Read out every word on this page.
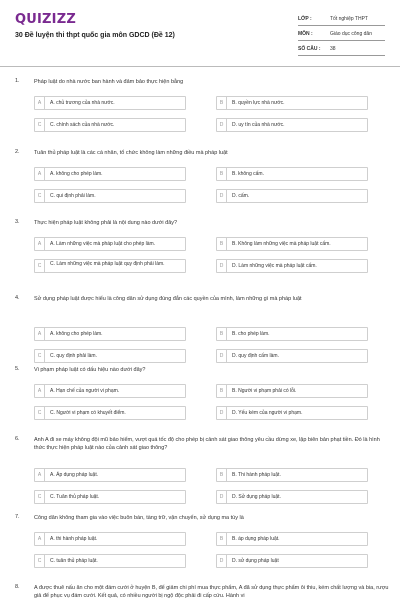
QUIZIZZ
30 Đề luyện thi thpt quốc gia môn GDCD (Đề 12)
LỚP :	Tốt nghiệp THPT
MÔN :	Giáo dục công dân
SỐ CÂU : 38
1.	Pháp luật do nhà nước ban hành và đảm bảo thực hiện bằng
A	A. chủ trương của nhà nước.	B	B. quyền lực nhà nước.
C	C. chính sách của nhà nước.	D	D. uy tín của nhà nước.
2.	Tuân thủ pháp luật là các cá nhân, tổ chức không làm những điều mà pháp luật
A	A. không cho phép làm.	B	B. không cấm.
C	C. qui định phải làm.	D	D. cấm.
3.	Thực hiện pháp luật không phải là nội dung nào dưới đây?
A	A. Làm những việc mà pháp luật cho phép làm.	B	B. Không làm những việc mà pháp luật cấm.
C	C. Làm những việc mà pháp luật quy định phải làm.	D	D. Làm những việc mà pháp luật cấm.
4.	Sử dụng pháp luật được hiểu là công dân sử dụng đúng đắn các quyền của mình, làm những gì mà pháp luật
A	A. không cho phép làm.	B	B. cho phép làm.
C	C. quy định phải làm.	D	D. quy định cấm làm.
5.	Vi phạm pháp luật có dấu hiệu nào dưới đây?
A	A. Hạn chế của người vi phạm.	B	B. Người vi phạm phải có lỗi.
C	C. Người vi phạm có khuyết điểm.	D	D. Yếu kém của người vi phạm.
6.	Anh A đi xe máy không đội mũ bảo hiểm, vượt quá tốc độ cho phép bị cảnh sát giao thông yêu cầu dừng xe, lập biên bản phạt tiền. Đó là hình thức thực hiện pháp luật nào của cảnh sát giao thông?
A	A. Áp dụng pháp luật.	B	B. Thi hành pháp luật.
C	C. Tuân thủ pháp luật.	D	D. Sử dụng pháp luật.
7.	Công dân không tham gia vào việc buôn bán, tàng trữ, vận chuyển, sử dụng ma túy là
A	A. thi hành pháp luật.	B	B. áp dụng pháp luật.
C	C. tuân thủ pháp luật.	D	D. sử dụng pháp luật
8.	A được thuê nấu ăn cho một đám cưới ở huyện B, để giảm chi phí mua thực phẩm, A đã sử dụng thực phẩm ôi thiu, kém chất lượng và bia, rượu giả để phục vụ đám cưới. Kết quả, có nhiều người bị ngộ độc phải đi cấp cứu. Hành vi
